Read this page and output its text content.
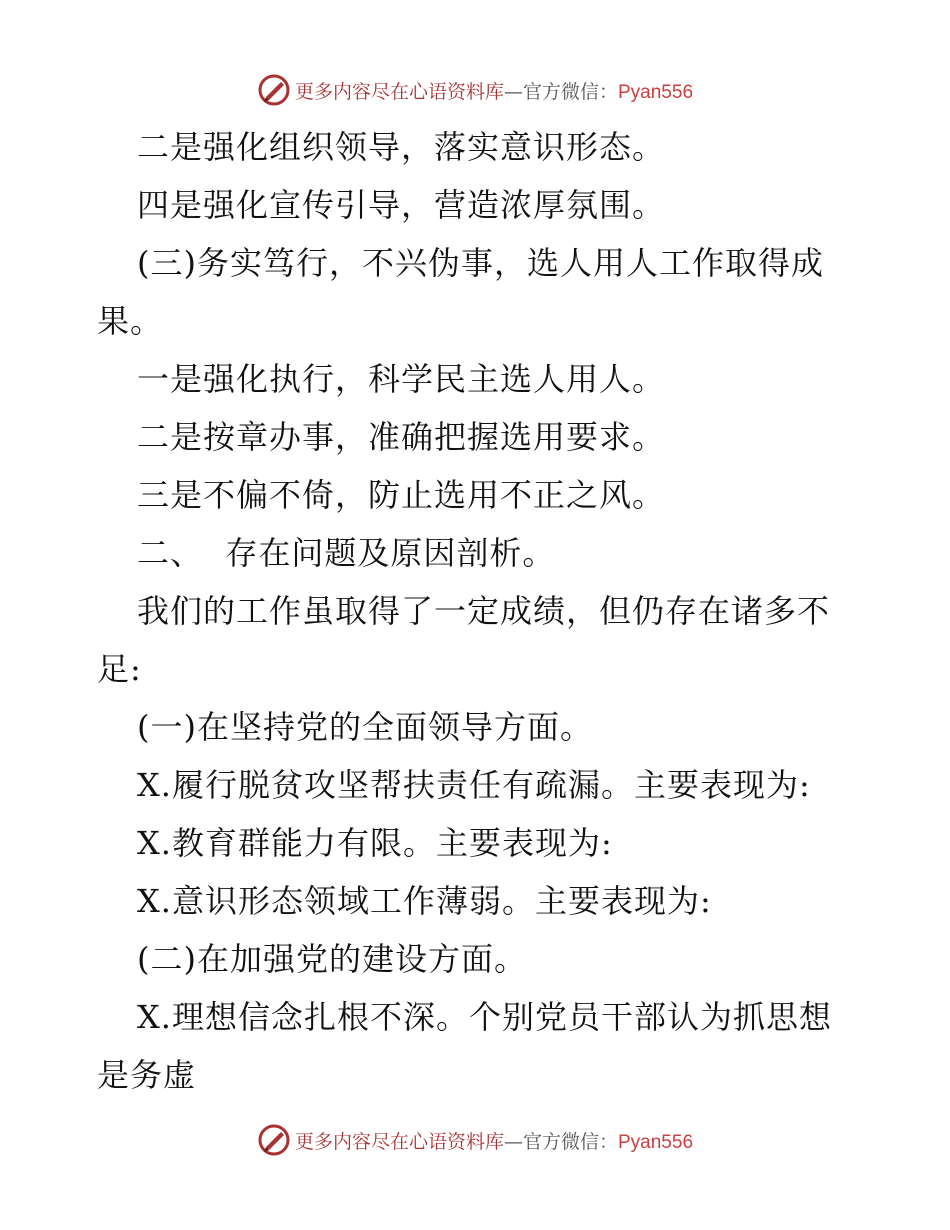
更多内容尽在心语资料库—官方微信：Pyan556
二是强化组织领导，落实意识形态。
四是强化宣传引导，营造浓厚氛围。
(三)务实笃行，不兴伪事，选人用人工作取得成
果。
一是强化执行，科学民主选人用人。
二是按章办事，准确把握选用要求。
三是不偏不倚，防止选用不正之风。
二、  存在问题及原因剖析。
我们的工作虽取得了一定成绩，但仍存在诸多不
足:
(一)在坚持党的全面领导方面。
X.履行脱贫攻坚帮扶责任有疏漏。主要表现为:
X.教育群能力有限。主要表现为:
X.意识形态领域工作薄弱。主要表现为:
(二)在加强党的建设方面。
X.理想信念扎根不深。个别党员干部认为抓思想
是务虚
更多内容尽在心语资料库—官方微信：Pyan556
